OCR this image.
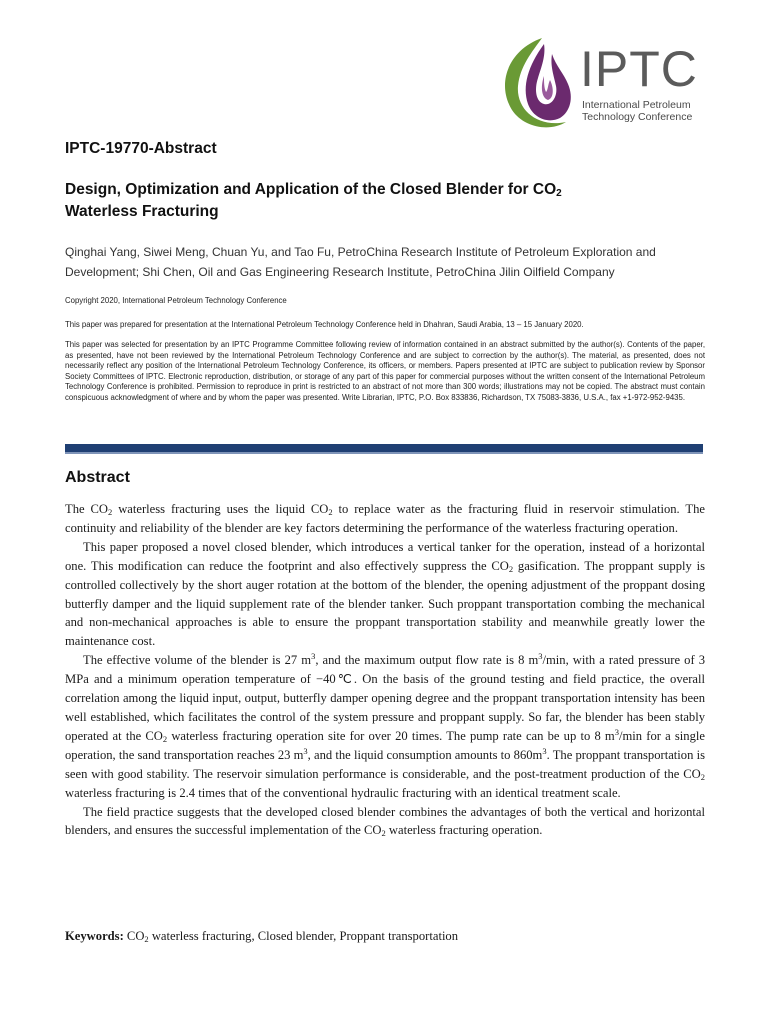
IPTC
International Petroleum
Technology Conference
IPTC-19770-Abstract
Design, Optimization and Application of the Closed Blender for $CO_2$
Waterless Fracturing
Qinghai Yang, Siwei Meng, Chuan Yu, and Tao Fu, PetroChina Research Institute of Petroleum Exploration and
Development; Shi Chen, Oil and Gas Engineering Research Institute, PetroChina Jilin Oilfield Company
Copyright 2020, International Petroleum Technology Conference
This paper was prepared for presentation at the International Petroleum Technology Conference held in Dhahran, Saudi Arabia, 13 – 15 January 2020.
This paper was selected for presentation by an IPTC Programme Committee following review of information contained in an abstract submitted by the author(s). Contents of the paper, as presented, have not been reviewed by the International Petroleum Technology Conference and are subject to correction by the author(s). The material, as presented, does not necessarily reflect any position of the International Petroleum Technology Conference, its officers, or members. Papers presented at IPTC are subject to publication review by Sponsor Society Committees of IPTC. Electronic reproduction, distribution, or storage of any part of this paper for commercial purposes without the written consent of the International Petroleum Technology Conference is prohibited. Permission to reproduce in print is restricted to an abstract of not more than 300 words; illustrations may not be copied. The abstract must contain conspicuous acknowledgment of where and by whom the paper was presented. Write Librarian, IPTC, P.O. Box 833836, Richardson, TX 75083-3836, U.S.A., fax +1-972-952-9435.
Abstract

The $CO_2$ waterless fracturing uses the liquid $CO_2$ to replace water as the fracturing fluid in reservoir stimulation. The continuity and reliability of the blender are key factors determining the performance of the waterless fracturing operation.

This paper proposed a novel closed blender, which introduces a vertical tanker for the operation, instead of a horizontal one. This modification can reduce the footprint and also effectively suppress the $CO_2$ gasification. The proppant supply is controlled collectively by the short auger rotation at the bottom of the blender, the opening adjustment of the proppant dosing butterfly damper and the liquid supplement rate of the blender tanker. Such proppant transportation combing the mechanical and non-mechanical approaches is able to ensure the proppant transportation stability and meanwhile greatly lower the maintenance cost.

The effective volume of the blender is 27 $m^3$, and the maximum output flow rate is 8 $m^3/\min$, with a rated pressure of 3 MPa and a minimum operation temperature of −40℃. On the basis of the ground testing and field practice, the overall correlation among the liquid input, output, butterfly damper opening degree and the proppant transportation intensity has been well established, which facilitates the control of the system pressure and proppant supply. So far, the blender has been stably operated at the $CO_2$ waterless fracturing operation site for over 20 times. The pump rate can be up to 8 $m^3/\min$ for a single operation, the sand transportation reaches 23 $m^3$, and the liquid consumption amounts to $860m^3$. The proppant transportation is seen with good stability. The reservoir simulation performance is considerable, and the post-treatment production of the $CO_2$ waterless fracturing is 2.4 times that of the conventional hydraulic fracturing with an identical treatment scale.

The field practice suggests that the developed closed blender combines the advantages of both the vertical and horizontal blenders, and ensures the successful implementation of the $CO_2$ waterless fracturing operation.

Keywords: $CO_2$ waterless fracturing, Closed blender, Proppant transportation
